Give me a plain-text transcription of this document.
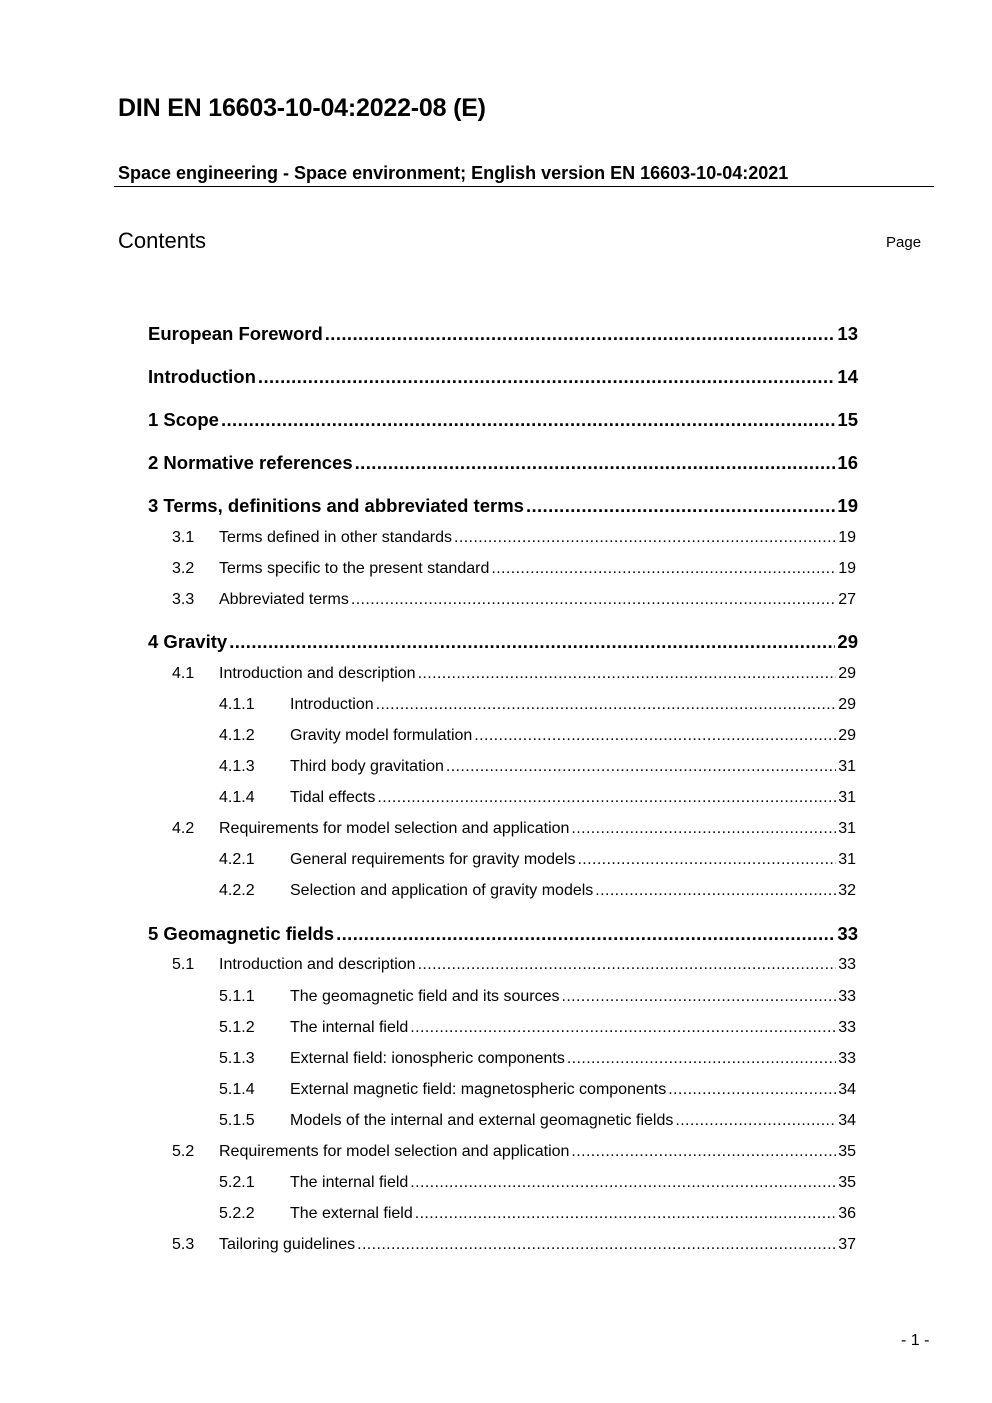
DIN EN 16603-10-04:2022-08 (E)
Space engineering - Space environment; English version EN 16603-10-04:2021
Contents	Page
European Foreword .....	13
Introduction .....	14
1 Scope .....	15
2 Normative references .....	16
3 Terms, definitions and abbreviated terms .....	19
3.1	Terms defined in other standards .....	19
3.2	Terms specific to the present standard .....	19
3.3	Abbreviated terms .....	27
4 Gravity .....	29
4.1	Introduction and description .....	29
4.1.1	Introduction .....	29
4.1.2	Gravity model formulation .....	29
4.1.3	Third body gravitation .....	31
4.1.4	Tidal effects .....	31
4.2	Requirements for model selection and application .....	31
4.2.1	General requirements for gravity models .....	31
4.2.2	Selection and application of gravity models .....	32
5 Geomagnetic fields .....	33
5.1	Introduction and description .....	33
5.1.1	The geomagnetic field and its sources .....	33
5.1.2	The internal field .....	33
5.1.3	External field: ionospheric components .....	33
5.1.4	External magnetic field: magnetospheric components .....	34
5.1.5	Models of the internal and external geomagnetic fields .....	34
5.2	Requirements for model selection and application .....	35
5.2.1	The internal field .....	35
5.2.2	The external field .....	36
5.3	Tailoring guidelines .....	37
- 1 -
